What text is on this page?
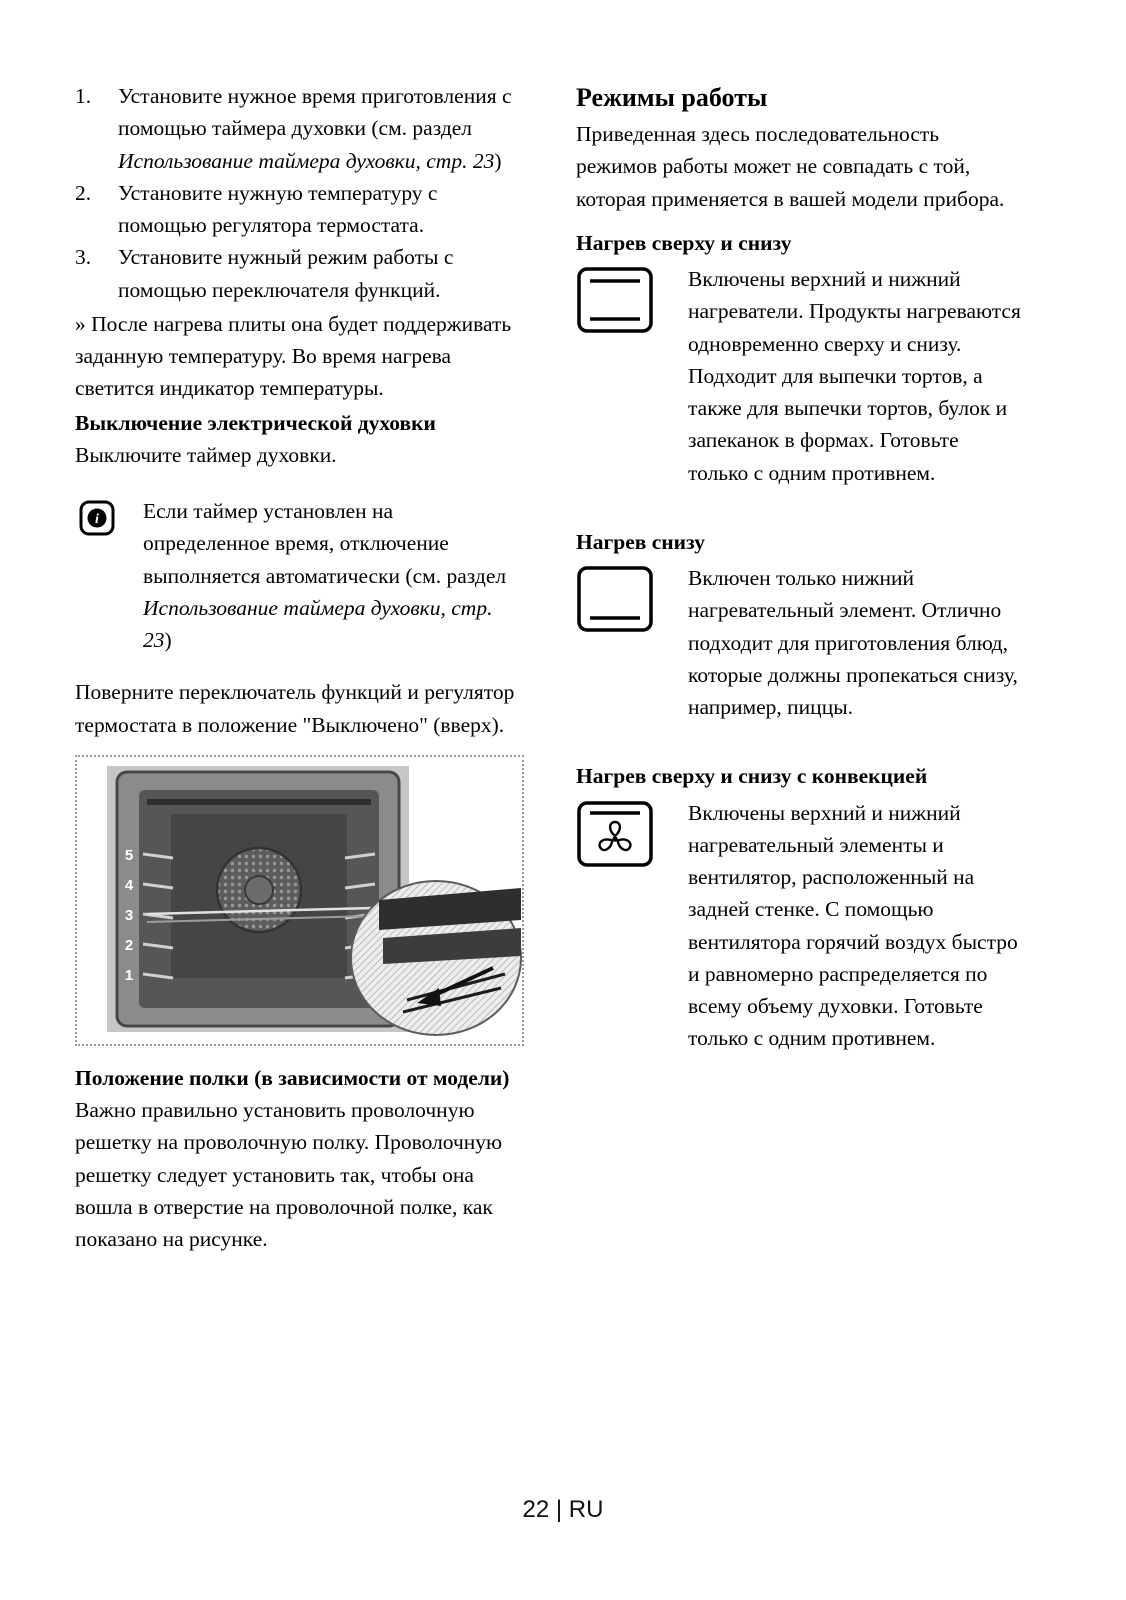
1.	Установите нужное время приготовления с помощью таймера духовки (см. раздел Использование таймера духовки, стр. 23)
2.	Установите нужную температуру с помощью регулятора термостата.
3.	Установите нужный режим работы с помощью переключателя функций.

» После нагрева плиты она будет поддерживать заданную температуру. Во время нагрева светится индикатор температуры.

Выключение электрической духовки

Выключите таймер духовки.

i Если таймер установлен на определенное время, отключение выполняется автоматически (см. раздел Использование таймера духовки, стр. 23)

Поверните переключатель функций и регулятор термостата в положение "Выключено" (вверх).

5
4
3
2
1

Положение полки (в зависимости от модели)

Важно правильно установить проволочную решетку на проволочную полку. Проволочную решетку следует установить так, чтобы она вошла в отверстие на проволочной полке, как показано на рисунке.

Режимы работы

Приведенная здесь последовательность режимов работы может не совпадать с той, которая применяется в вашей модели прибора.

Нагрев сверху и снизу

Включены верхний и нижний нагреватели. Продукты нагреваются одновременно сверху и снизу. Подходит для выпечки тортов, а также для выпечки тортов, булок и запеканок в формах. Готовьте только с одним противнем.

Нагрев снизу

Включен только нижний нагревательный элемент. Отлично подходит для приготовления блюд, которые должны пропекаться снизу, например, пиццы.

Нагрев сверху и снизу с конвекцией

Включены верхний и нижний нагревательный элементы и вентилятор, расположенный на задней стенке. С помощью вентилятора горячий воздух быстро и равномерно распределяется по всему объему духовки. Готовьте только с одним противнем.

22 | RU
